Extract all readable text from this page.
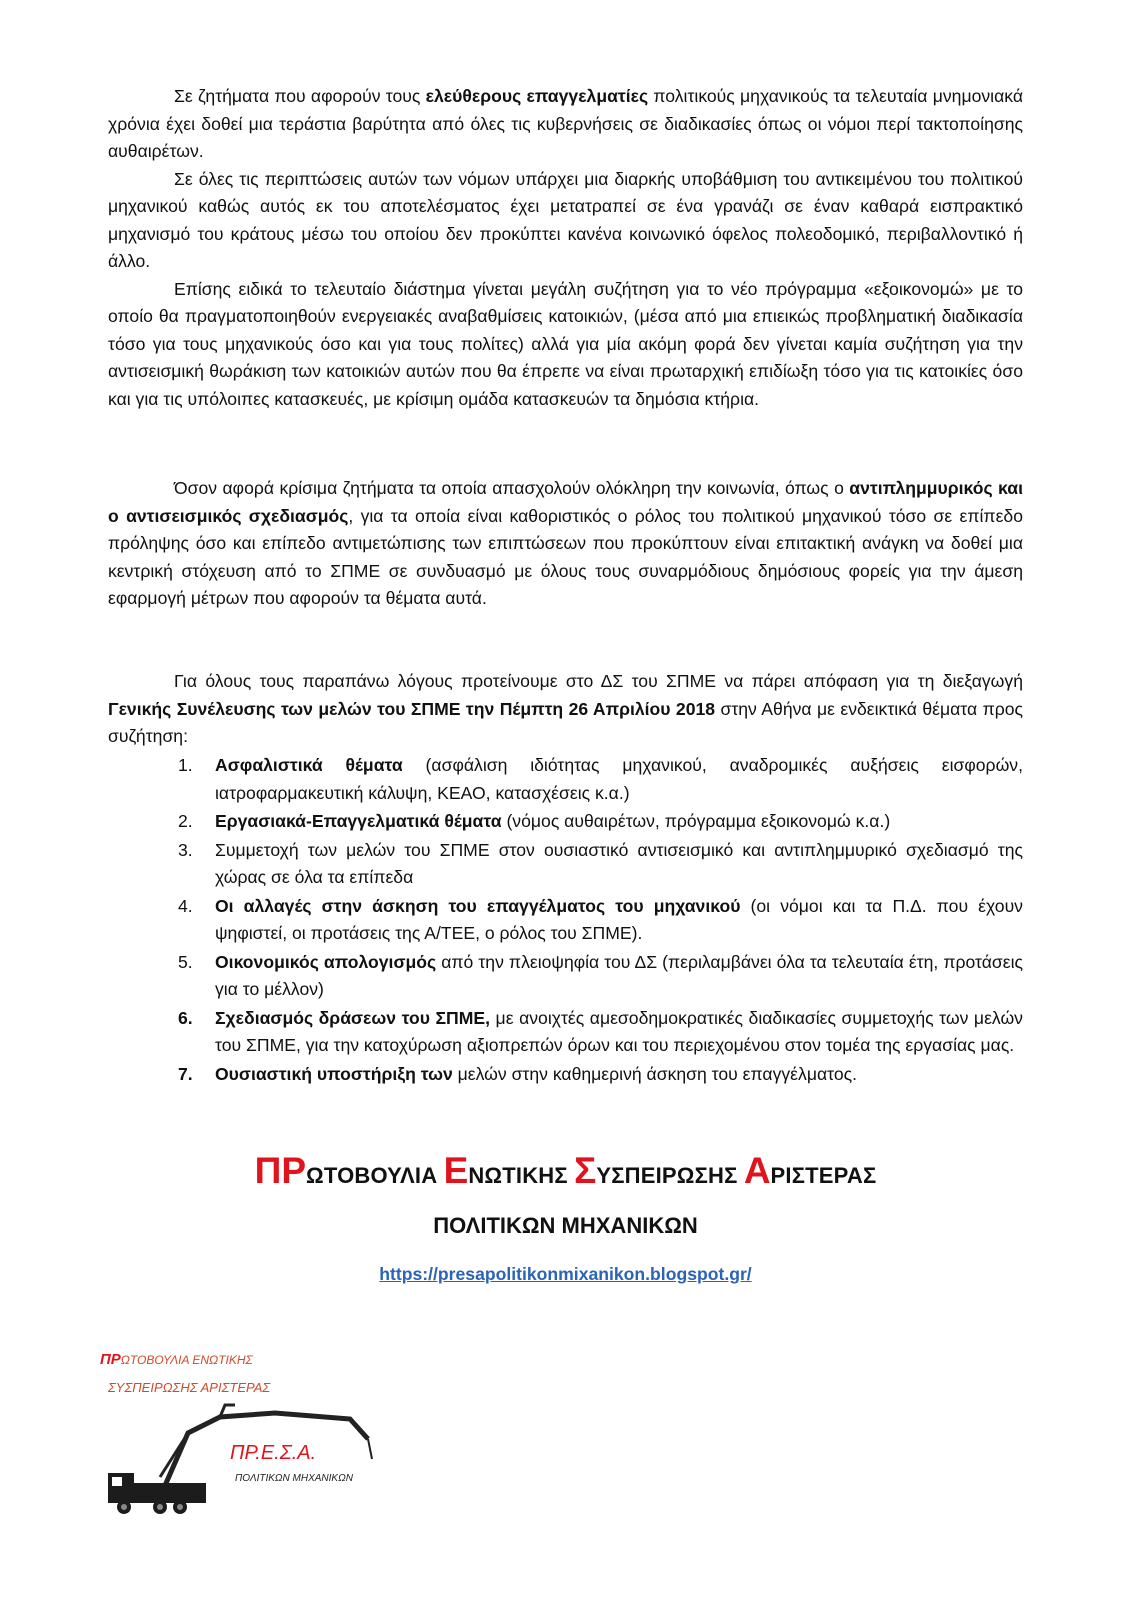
Σε ζητήματα που αφορούν τους ελεύθερους επαγγελματίες πολιτικούς μηχανικούς τα τελευταία μνημονιακά χρόνια έχει δοθεί μια τεράστια βαρύτητα από όλες τις κυβερνήσεις σε διαδικασίες όπως οι νόμοι περί τακτοποίησης αυθαιρέτων.

Σε όλες τις περιπτώσεις αυτών των νόμων υπάρχει μια διαρκής υποβάθμιση του αντικειμένου του πολιτικού μηχανικού καθώς αυτός εκ του αποτελέσματος έχει μετατραπεί σε ένα γρανάζι σε έναν καθαρά εισπρακτικό μηχανισμό του κράτους μέσω του οποίου δεν προκύπτει κανένα κοινωνικό όφελος πολεοδομικό, περιβαλλοντικό ή άλλο.

Επίσης ειδικά το τελευταίο διάστημα γίνεται μεγάλη συζήτηση για το νέο πρόγραμμα «εξοικονομώ» με το οποίο θα πραγματοποιηθούν ενεργειακές αναβαθμίσεις κατοικιών, (μέσα από μια επιεικώς προβληματική διαδικασία τόσο για τους μηχανικούς όσο και για τους πολίτες) αλλά για μία ακόμη φορά δεν γίνεται καμία συζήτηση για την αντισεισμική θωράκιση των κατοικιών αυτών που θα έπρεπε να είναι πρωταρχική επιδίωξη τόσο για τις κατοικίες όσο και για τις υπόλοιπες κατασκευές, με κρίσιμη ομάδα κατασκευών τα δημόσια κτήρια.

Όσον αφορά κρίσιμα ζητήματα τα οποία απασχολούν ολόκληρη την κοινωνία, όπως ο αντιπλημμυρικός και ο αντισεισμικός σχεδιασμός, για τα οποία είναι καθοριστικός ο ρόλος του πολιτικού μηχανικού τόσο σε επίπεδο πρόληψης όσο και επίπεδο αντιμετώπισης των επιπτώσεων που προκύπτουν είναι επιτακτική ανάγκη να δοθεί μια κεντρική στόχευση από το ΣΠΜΕ σε συνδυασμό με όλους τους συναρμόδιους δημόσιους φορείς για την άμεση εφαρμογή μέτρων που αφορούν τα θέματα αυτά.

Για όλους τους παραπάνω λόγους προτείνουμε στο ΔΣ του ΣΠΜΕ να πάρει απόφαση για τη διεξαγωγή Γενικής Συνέλευσης των μελών του ΣΠΜΕ την Πέμπτη 26 Απριλίου 2018 στην Αθήνα με ενδεικτικά θέματα προς συζήτηση:

1. Ασφαλιστικά θέματα (ασφάλιση ιδιότητας μηχανικού, αναδρομικές αυξήσεις εισφορών, ιατροφαρμακευτική κάλυψη, ΚΕΑΟ, κατασχέσεις κ.α.)
2. Εργασιακά-Επαγγελματικά θέματα (νόμος αυθαιρέτων, πρόγραμμα εξοικονομώ κ.α.)
3. Συμμετοχή των μελών του ΣΠΜΕ στον ουσιαστικό αντισεισμικό και αντιπλημμυρικό σχεδιασμό της χώρας σε όλα τα επίπεδα
4. Οι αλλαγές στην άσκηση του επαγγέλματος του μηχανικού (οι νόμοι και τα Π.Δ. που έχουν ψηφιστεί, οι προτάσεις της Α/ΤΕΕ, ο ρόλος του ΣΠΜΕ).
5. Οικονομικός απολογισμός από την πλειοψηφία του ΔΣ (περιλαμβάνει όλα τα τελευταία έτη, προτάσεις για το μέλλον)
6. Σχεδιασμός δράσεων του ΣΠΜΕ, με ανοιχτές αμεσοδημοκρατικές διαδικασίες συμμετοχής των μελών του ΣΠΜΕ, για την κατοχύρωση αξιοπρεπών όρων και του περιεχομένου στον τομέα της εργασίας μας.
7. Ουσιαστική υποστήριξη των μελών στην καθημερινή άσκηση του επαγγέλματος.
ΠΡΩΤΟΒΟΥΛΙΑ ΕΝΩΤΙΚΗΣ ΣΥΣΠΕΙΡΩΣΗΣ ΑΡΙΣΤΕΡΑΣ
ΠΟΛΙΤΙΚΩΝ ΜΗΧΑΝΙΚΩΝ
https://presapolitikonmixanikon.blogspot.gr/
ΠΡΩΤΟΒΟΥΛΙΑ ΕΝΩΤΙΚΗΣ
ΣΥΣΠΕΙΡΩΣΗΣ ΑΡΙΣΤΕΡΑΣ
ΠΡ.Ε.Σ.Α.
ΠΟΛΙΤΙΚΩΝ ΜΗΧΑΝΙΚΩΝ
